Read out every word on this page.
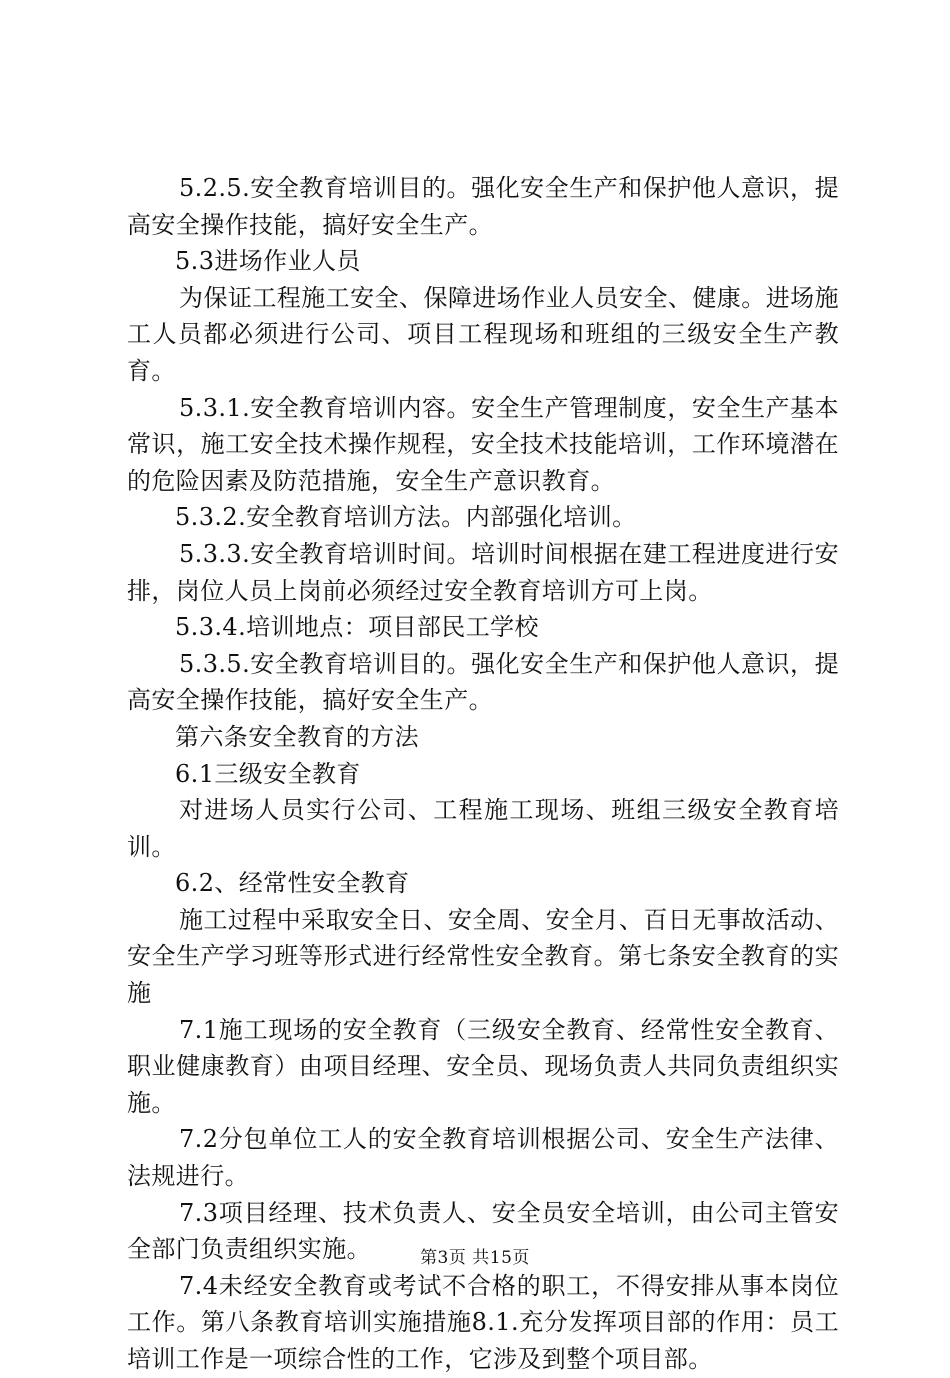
5.2.5.安全教育培训目的。强化安全生产和保护他人意识，提高安全操作技能，搞好安全生产。

5.3进场作业人员

为保证工程施工安全、保障进场作业人员安全、健康。进场施工人员都必须进行公司、项目工程现场和班组的三级安全生产教育。

5.3.1.安全教育培训内容。安全生产管理制度，安全生产基本常识，施工安全技术操作规程，安全技术技能培训，工作环境潜在的危险因素及防范措施，安全生产意识教育。

5.3.2.安全教育培训方法。内部强化培训。

5.3.3.安全教育培训时间。培训时间根据在建工程进度进行安排，岗位人员上岗前必须经过安全教育培训方可上岗。

5.3.4.培训地点：项目部民工学校

5.3.5.安全教育培训目的。强化安全生产和保护他人意识，提高安全操作技能，搞好安全生产。

第六条安全教育的方法

6.1三级安全教育

对进场人员实行公司、工程施工现场、班组三级安全教育培训。

6.2、经常性安全教育

施工过程中采取安全日、安全周、安全月、百日无事故活动、安全生产学习班等形式进行经常性安全教育。第七条安全教育的实施

7.1施工现场的安全教育（三级安全教育、经常性安全教育、职业健康教育）由项目经理、安全员、现场负责人共同负责组织实施。

7.2分包单位工人的安全教育培训根据公司、安全生产法律、法规进行。

7.3项目经理、技术负责人、安全员安全培训，由公司主管安全部门负责组织实施。

7.4未经安全教育或考试不合格的职工，不得安排从事本岗位工作。第八条教育培训实施措施8.1.充分发挥项目部的作用：员工培训工作是一项综合性的工作，它涉及到整个项目部。

第3页 共15页
